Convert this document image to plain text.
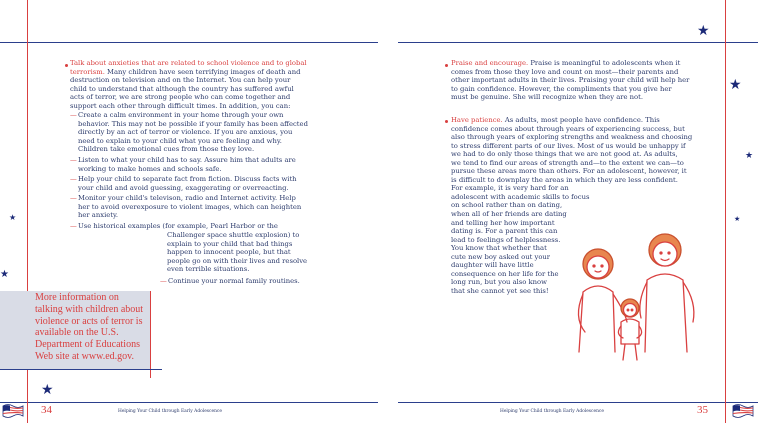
★
★
★
★
★
★
★

Talk about anxieties that are related to school violence and to global

terrorism. Many children have seen terrifying images of death and

destruction on television and on the Internet. You can help your

child to understand that although the country has suffered awful

acts of terror, we are strong people who can come together and

support each other through difficult times. In addition, you can:

— Create a calm environment in your home through your own

behavior. This may not be possible if your family has been affected

directly by an act of terror or violence. If you are anxious, you

need to explain to your child what you are feeling and why.

Children take emotional cues from those they love.

— Listen to what your child has to say. Assure him that adults are

working to make homes and schools safe.

— Help your child to separate fact from fiction. Discuss facts with

your child and avoid guessing, exaggerating or overreacting.

— Monitor your child's televison, radio and Internet activity. Help

her to avoid overexposure to violent images, which can heighten

her anxiety.

— Use historical examples (for example, Pearl Harbor or the

Challenger space shuttle explosion) to

explain to your child that bad things

happen to innocent people, but that

people go on with their lives and resolve

even terrible situations.

— Continue your normal family routines.

More information on
talking with children about
violence or acts of terror is
available on the U.S.
Department of Educations
Web site at www.ed.gov.
34	Helping Your Child through Early Adolescence

Praise and encourage. Praise is meaningful to adolescents when it

comes from those they love and count on most—their parents and

other important adults in their lives. Praising your child will help her

to gain confidence. However, the compliments that you give her

must be genuine. She will recognize when they are not.

Have patience. As adults, most people have confidence. This

confidence comes about through years of experiencing success, but

also through years of exploring strengths and weakness and choosing

to stress different parts of our lives. Most of us would be unhappy if

we had to do only those things that we are not good at. As adults,

we tend to find our areas of strength and—to the extent we can—to

pursue these areas more than others. For an adolescent, however, it

is difficult to downplay the areas in which they are less confident.

For example, it is very hard for an

adolescent with academic skills to focus

on school rather than on dating,

when all of her friends are dating

and telling her how important

dating is. For a parent this can

lead to feelings of helplessness.

You know that whether that

cute new boy asked out your

daughter will have little

consequence on her life for the

long run, but you also know

that she cannot yet see this!

Helping Your Child through Early Adolescence	35
